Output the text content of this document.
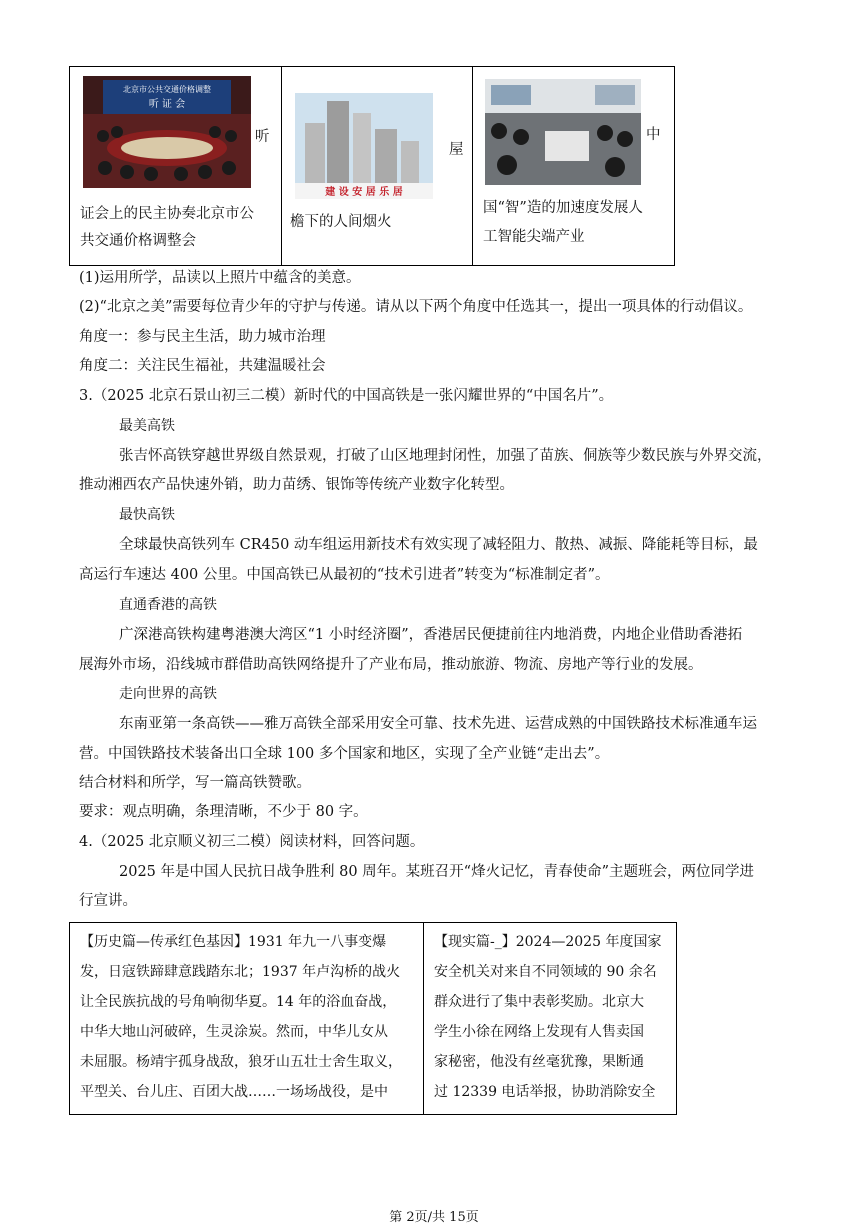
北京市公共交通价格调整
听 证 会
听
证会上的民主协奏北京市公
共交通价格调整会
建 设 安 居 乐 居
屋
檐下的人间烟火
中
国“智”造的加速度发展人
工智能尖端产业
(1)运用所学，品读以上照片中蕴含的美意。
(2)“北京之美”需要每位青少年的守护与传递。请从以下两个角度中任选其一，提出一项具体的行动倡议。
角度一：参与民主生活，助力城市治理
角度二：关注民生福祉，共建温暖社会
3.（2025 北京石景山初三二模）新时代的中国高铁是一张闪耀世界的“中国名片”。
最美高铁
张吉怀高铁穿越世界级自然景观，打破了山区地理封闭性，加强了苗族、侗族等少数民族与外界交流，
推动湘西农产品快速外销，助力苗绣、银饰等传统产业数字化转型。
最快高铁
全球最快高铁列车 CR450 动车组运用新技术有效实现了减轻阻力、散热、减振、降能耗等目标，最
高运行车速达 400 公里。中国高铁已从最初的“技术引进者”转变为“标准制定者”。
直通香港的高铁
广深港高铁构建粤港澳大湾区“1 小时经济圈”，香港居民便捷前往内地消费，内地企业借助香港拓
展海外市场，沿线城市群借助高铁网络提升了产业布局，推动旅游、物流、房地产等行业的发展。
走向世界的高铁
东南亚第一条高铁——雅万高铁全部采用安全可靠、技术先进、运营成熟的中国铁路技术标准通车运
营。中国铁路技术装备出口全球 100 多个国家和地区，实现了全产业链“走出去”。
结合材料和所学，写一篇高铁赞歌。
要求：观点明确，条理清晰，不少于 80 字。
4.（2025 北京顺义初三二模）阅读材料，回答问题。
2025 年是中国人民抗日战争胜利 80 周年。某班召开“烽火记忆，青春使命”主题班会，两位同学进
行宣讲。
【历史篇—传承红色基因】1931 年九一八事变爆
发，日寇铁蹄肆意践踏东北；1937 年卢沟桥的战火
让全民族抗战的号角响彻华夏。14 年的浴血奋战，
中华大地山河破碎，生灵涂炭。然而，中华儿女从
未屈服。杨靖宇孤身战敌，狼牙山五壮士舍生取义，
平型关、台儿庄、百团大战……一场场战役，是中
【现实篇-_】2024—2025 年度国家
安全机关对来自不同领域的 90 余名
群众进行了集中表彰奖励。北京大
学生小徐在网络上发现有人售卖国
家秘密，他没有丝毫犹豫，果断通
过 12339 电话举报，协助消除安全
第 2页/共 15页
